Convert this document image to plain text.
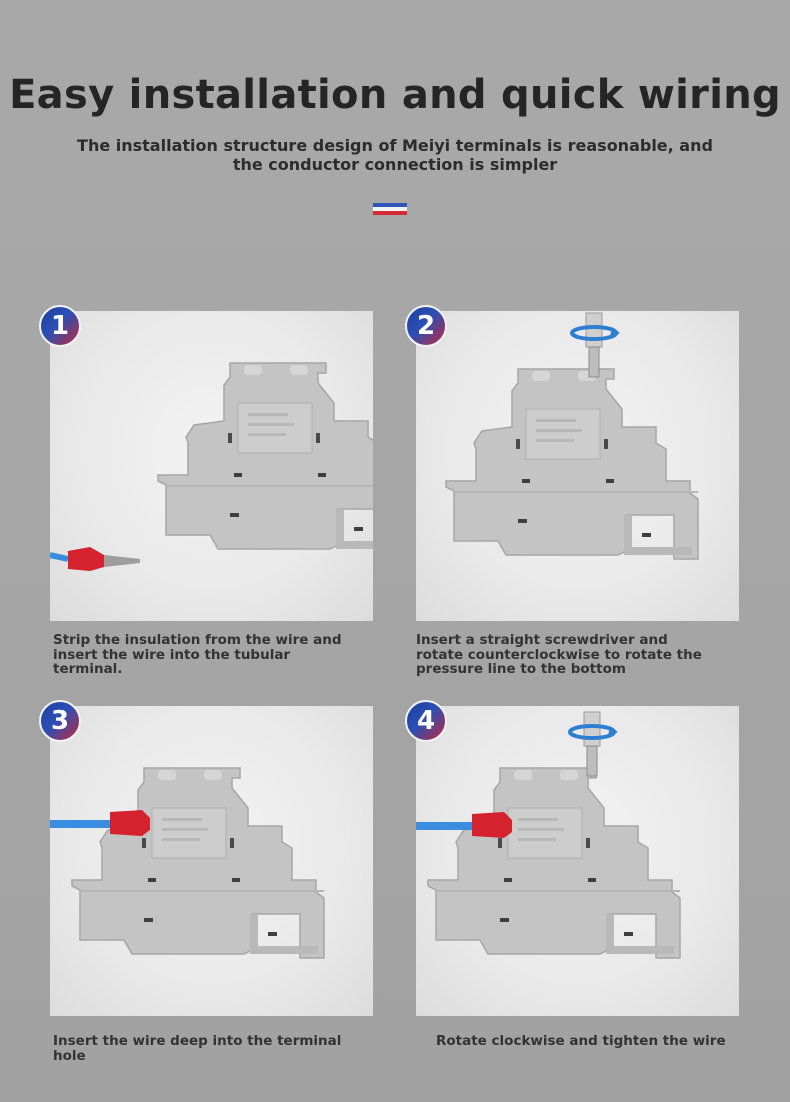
Easy installation and quick wiring
The installation structure design of Meiyi terminals is reasonable, and the conductor connection is simpler
1
Strip the insulation from the wire and insert the wire into the tubular terminal.
2
Insert a straight screwdriver and rotate counterclockwise to rotate the pressure line to the bottom
3
Insert the wire deep into the terminal hole
4
Rotate clockwise and tighten the wire
